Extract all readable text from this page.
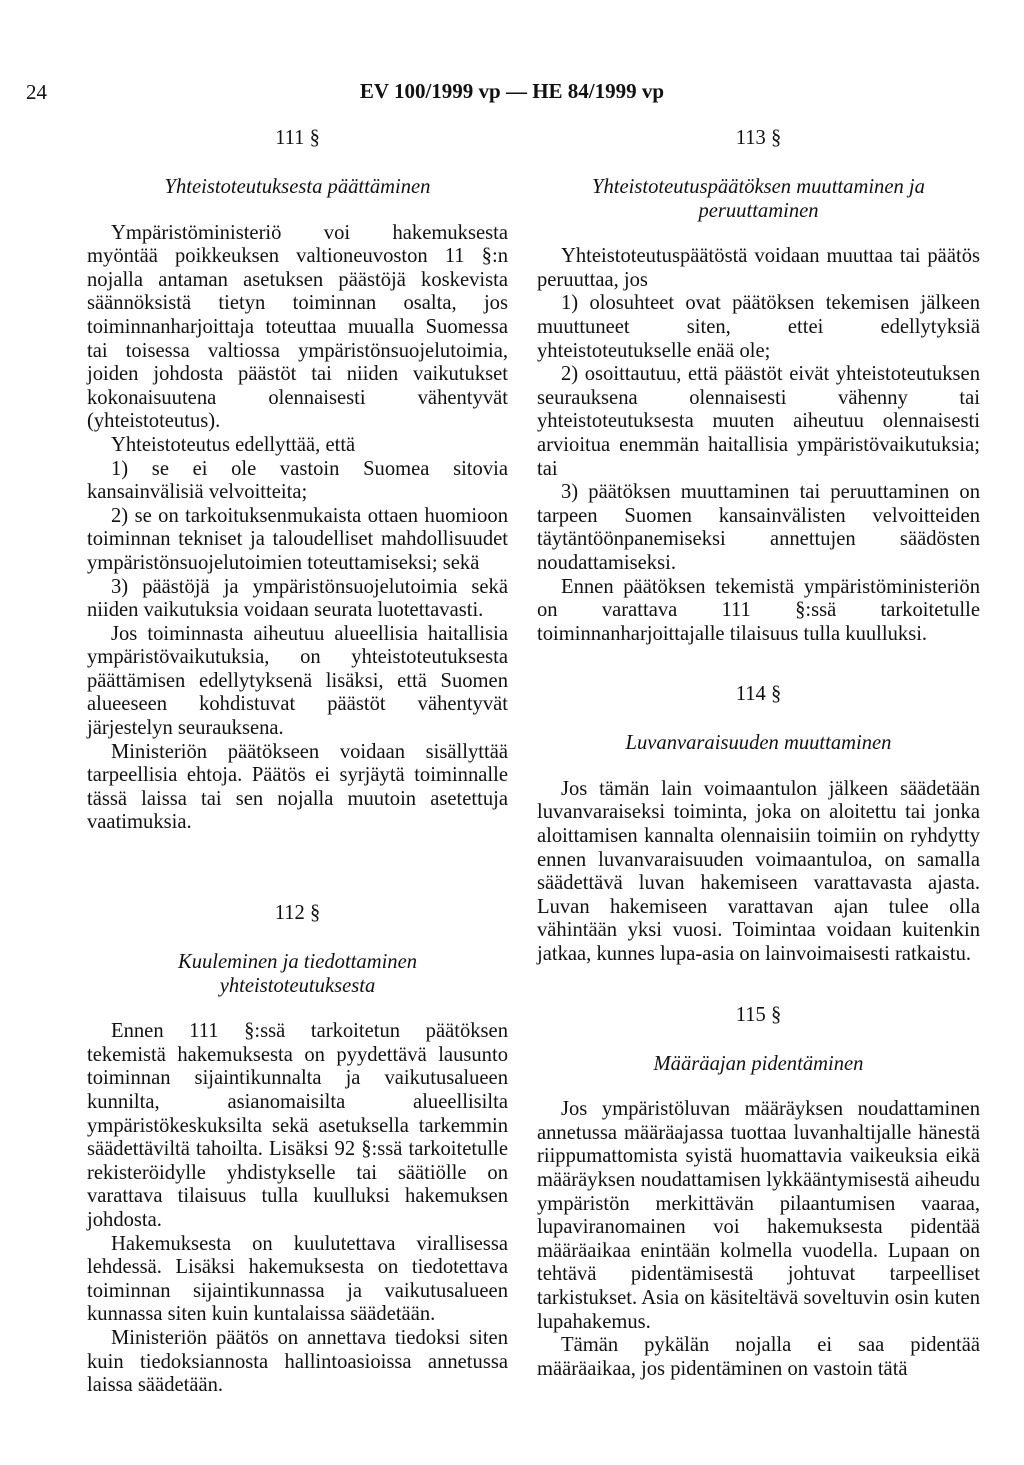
24	EV 100/1999 vp — HE 84/1999 vp
111 §
Yhteistoteutuksesta päättäminen

Ympäristöministeriö voi hakemuksesta myöntää poikkeuksen valtioneuvoston 11 §:n nojalla antaman asetuksen päästöjä koskevista säännöksistä tietyn toiminnan osalta, jos toiminnanharjoittaja toteuttaa muualla Suomessa tai toisessa valtiossa ympäristönsuojelutoimia, joiden johdosta päästöt tai niiden vaikutukset kokonaisuutena olennaisesti vähentyvät (yhteistoteutus).

Yhteistoteutus edellyttää, että

1) se ei ole vastoin Suomea sitovia kansainvälisiä velvoitteita;

2) se on tarkoituksenmukaista ottaen huomioon toiminnan tekniset ja taloudelliset mahdollisuudet ympäristönsuojelutoimien toteuttamiseksi; sekä

3) päästöjä ja ympäristönsuojelutoimia sekä niiden vaikutuksia voidaan seurata luotettavasti.

Jos toiminnasta aiheutuu alueellisia haitallisia ympäristövaikutuksia, on yhteistoteutuksesta päättämisen edellytyksenä lisäksi, että Suomen alueeseen kohdistuvat päästöt vähentyvät järjestelyn seurauksena.

Ministeriön päätökseen voidaan sisällyttää tarpeellisia ehtoja. Päätös ei syrjäytä toiminnalle tässä laissa tai sen nojalla muutoin asetettuja vaatimuksia.

112 §
Kuuleminen ja tiedottaminen
yhteistoteutuksesta

Ennen 111 §:ssä tarkoitetun päätöksen tekemistä hakemuksesta on pyydettävä lausunto toiminnan sijaintikunnalta ja vaikutusalueen kunnilta, asianomaisilta alueellisilta ympäristökeskuksilta sekä asetuksella tarkemmin säädettäviltä tahoilta. Lisäksi 92 §:ssä tarkoitetulle rekisteröidylle yhdistykselle tai säätiölle on varattava tilaisuus tulla kuulluksi hakemuksen johdosta.

Hakemuksesta on kuulutettava virallisessa lehdessä. Lisäksi hakemuksesta on tiedotettava toiminnan sijaintikunnassa ja vaikutusalueen kunnassa siten kuin kuntalaissa säädetään.

Ministeriön päätös on annettava tiedoksi siten kuin tiedoksiannosta hallintoasioissa annetussa laissa säädetään.

113 §
Yhteistoteutuspäätöksen muuttaminen ja peruuttaminen

Yhteistoteutuspäätöstä voidaan muuttaa tai päätös peruuttaa, jos

1) olosuhteet ovat päätöksen tekemisen jälkeen muuttuneet siten, ettei edellytyksiä yhteistoteutukselle enää ole;

2) osoittautuu, että päästöt eivät yhteistoteutuksen seurauksena olennaisesti vähenny tai yhteistoteutuksesta muuten aiheutuu olennaisesti arvioitua enemmän haitallisia ympäristövaikutuksia; tai

3) päätöksen muuttaminen tai peruuttaminen on tarpeen Suomen kansainvälisten velvoitteiden täytäntöönpanemiseksi annettujen säädösten noudattamiseksi.

Ennen päätöksen tekemistä ympäristöministeriön on varattava 111 §:ssä tarkoitetulle toiminnanharjoittajalle tilaisuus tulla kuulluksi.

114 §
Luvanvaraisuuden muuttaminen

Jos tämän lain voimaantulon jälkeen säädetään luvanvaraiseksi toiminta, joka on aloitettu tai jonka aloittamisen kannalta olennaisiin toimiin on ryhdytty ennen luvanvaraisuuden voimaantuloa, on samalla säädettävä luvan hakemiseen varattavasta ajasta. Luvan hakemiseen varattavan ajan tulee olla vähintään yksi vuosi. Toimintaa voidaan kuitenkin jatkaa, kunnes lupa-asia on lainvoimaisesti ratkaistu.

115 §
Määräajan pidentäminen

Jos ympäristöluvan määräyksen noudattaminen annetussa määräajassa tuottaa luvanhaltijalle hänestä riippumattomista syistä huomattavia vaikeuksia eikä määräyksen noudattamisen lykkääntymisestä aiheudu ympäristön merkittävän pilaantumisen vaaraa, lupaviranomainen voi hakemuksesta pidentää määräaikaa enintään kolmella vuodella. Lupaan on tehtävä pidentämisestä johtuvat tarpeelliset tarkistukset. Asia on käsiteltävä soveltuvin osin kuten lupahakemus.

Tämän pykälän nojalla ei saa pidentää määräaikaa, jos pidentäminen on vastoin tätä
